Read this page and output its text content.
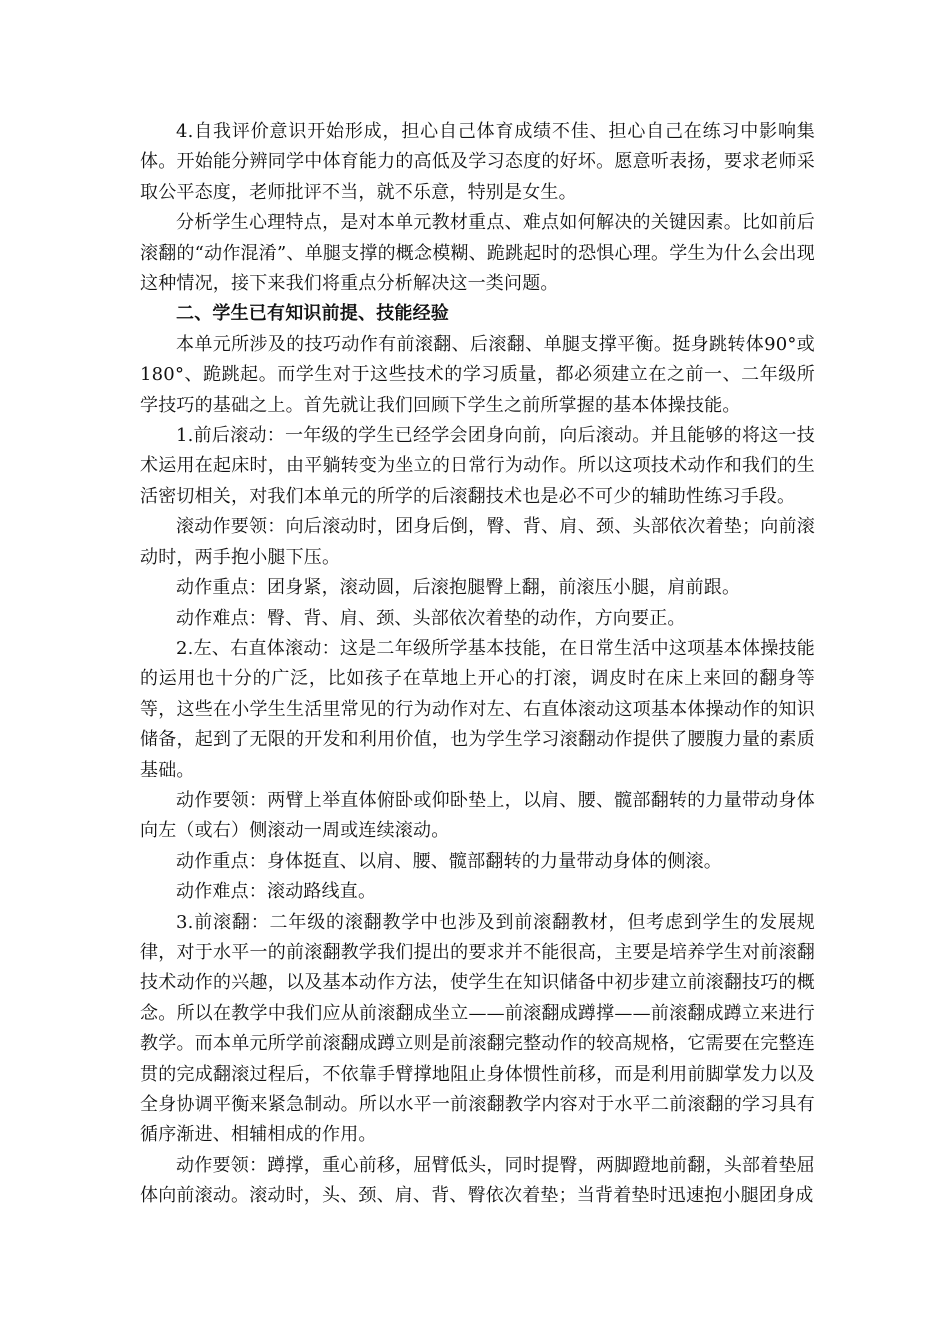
4.自我评价意识开始形成，担心自己体育成绩不佳、担心自己在练习中影响集体。开始能分辨同学中体育能力的高低及学习态度的好坏。愿意听表扬，要求老师采取公平态度，老师批评不当，就不乐意，特别是女生。

分析学生心理特点，是对本单元教材重点、难点如何解决的关键因素。比如前后滚翻的“动作混淆”、单腿支撑的概念模糊、跪跳起时的恐惧心理。学生为什么会出现这种情况，接下来我们将重点分析解决这一类问题。

二、学生已有知识前提、技能经验

本单元所涉及的技巧动作有前滚翻、后滚翻、单腿支撑平衡。挺身跳转体90°或180°、跪跳起。而学生对于这些技术的学习质量，都必须建立在之前一、二年级所学技巧的基础之上。首先就让我们回顾下学生之前所掌握的基本体操技能。

1.前后滚动：一年级的学生已经学会团身向前，向后滚动。并且能够的将这一技术运用在起床时，由平躺转变为坐立的日常行为动作。所以这项技术动作和我们的生活密切相关，对我们本单元的所学的后滚翻技术也是必不可少的辅助性练习手段。

滚动作要领：向后滚动时，团身后倒，臀、背、肩、颈、头部依次着垫；向前滚动时，两手抱小腿下压。

动作重点：团身紧，滚动圆，后滚抱腿臀上翻，前滚压小腿，肩前跟。

动作难点：臀、背、肩、颈、头部依次着垫的动作，方向要正。

2.左、右直体滚动：这是二年级所学基本技能，在日常生活中这项基本体操技能的运用也十分的广泛，比如孩子在草地上开心的打滚，调皮时在床上来回的翻身等等，这些在小学生生活里常见的行为动作对左、右直体滚动这项基本体操动作的知识储备，起到了无限的开发和利用价值，也为学生学习滚翻动作提供了腰腹力量的素质基础。

动作要领：两臂上举直体俯卧或仰卧垫上，以肩、腰、髋部翻转的力量带动身体向左（或右）侧滚动一周或连续滚动。

动作重点：身体挺直、以肩、腰、髋部翻转的力量带动身体的侧滚。

动作难点：滚动路线直。

3.前滚翻：二年级的滚翻教学中也涉及到前滚翻教材，但考虑到学生的发展规律，对于水平一的前滚翻教学我们提出的要求并不能很高，主要是培养学生对前滚翻技术动作的兴趣，以及基本动作方法，使学生在知识储备中初步建立前滚翻技巧的概念。所以在教学中我们应从前滚翻成坐立——前滚翻成蹲撑——前滚翻成蹲立来进行教学。而本单元所学前滚翻成蹲立则是前滚翻完整动作的较高规格，它需要在完整连贯的完成翻滚过程后，不依靠手臂撑地阻止身体惯性前移，而是利用前脚掌发力以及全身协调平衡来紧急制动。所以水平一前滚翻教学内容对于水平二前滚翻的学习具有循序渐进、相辅相成的作用。

动作要领：蹲撑，重心前移，屈臂低头，同时提臀，两脚蹬地前翻，头部着垫屈体向前滚动。滚动时，头、颈、肩、背、臀依次着垫；当背着垫时迅速抱小腿团身成
